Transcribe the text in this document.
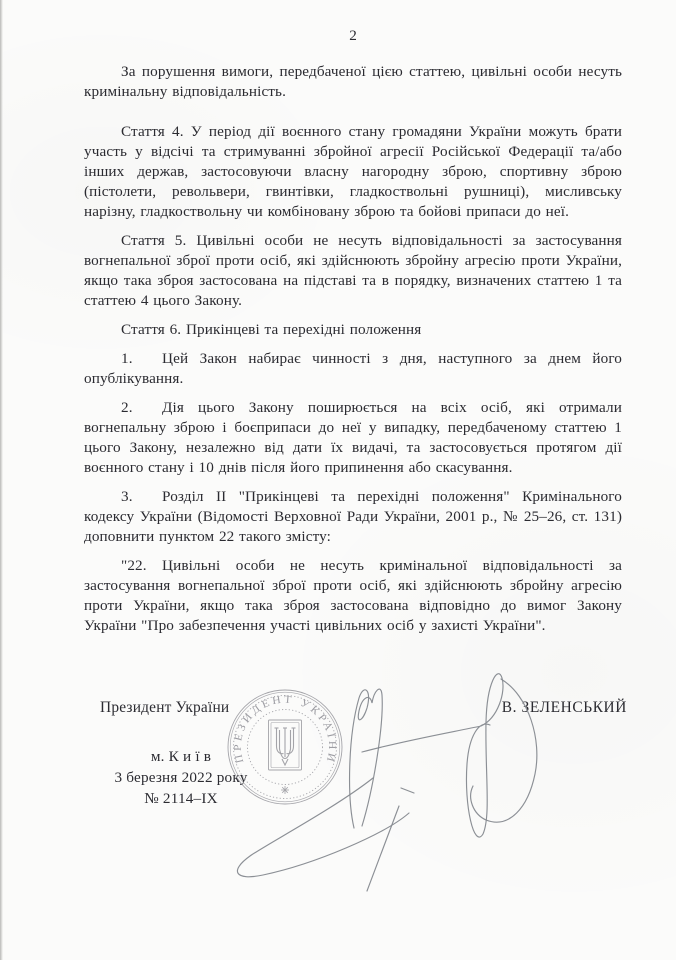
2

За порушення вимоги, передбаченої цією статтею, цивільні особи несуть кримінальну відповідальність.

Стаття 4. У період дії воєнного стану громадяни України можуть брати участь у відсічі та стримуванні збройної агресії Російської Федерації та/або інших держав, застосовуючи власну нагородну зброю, спортивну зброю (пістолети, револьвери, гвинтівки, гладкоствольні рушниці), мисливську нарізну, гладкоствольну чи комбіновану зброю та бойові припаси до неї.

Стаття 5. Цивільні особи не несуть відповідальності за застосування вогнепальної зброї проти осіб, які здійснюють збройну агресію проти України, якщо така зброя застосована на підставі та в порядку, визначених статтею 1 та статтею 4 цього Закону.

Стаття 6. Прикінцеві та перехідні положення

1. Цей Закон набирає чинності з дня, наступного за днем його опублікування.

2. Дія цього Закону поширюється на всіх осіб, які отримали вогнепальну зброю і боєприпаси до неї у випадку, передбаченому статтею 1 цього Закону, незалежно від дати їх видачі, та застосовується протягом дії воєнного стану і 10 днів після його припинення або скасування.

3. Розділ II "Прикінцеві та перехідні положення" Кримінального кодексу України (Відомості Верховної Ради України, 2001 р., № 25–26, ст. 131) доповнити пунктом 22 такого змісту:

"22. Цивільні особи не несуть кримінальної відповідальності за застосування вогнепальної зброї проти осіб, які здійснюють збройну агресію проти України, якщо така зброя застосована відповідно до вимог Закону України "Про забезпечення участі цивільних осіб у захисті України".

Президент України	В. ЗЕЛЕНСЬКИЙ
м. К и ї в
3 березня 2022 року
№ 2114–IX
ПРЕЗИДЕНТ УКРАЇНИ
